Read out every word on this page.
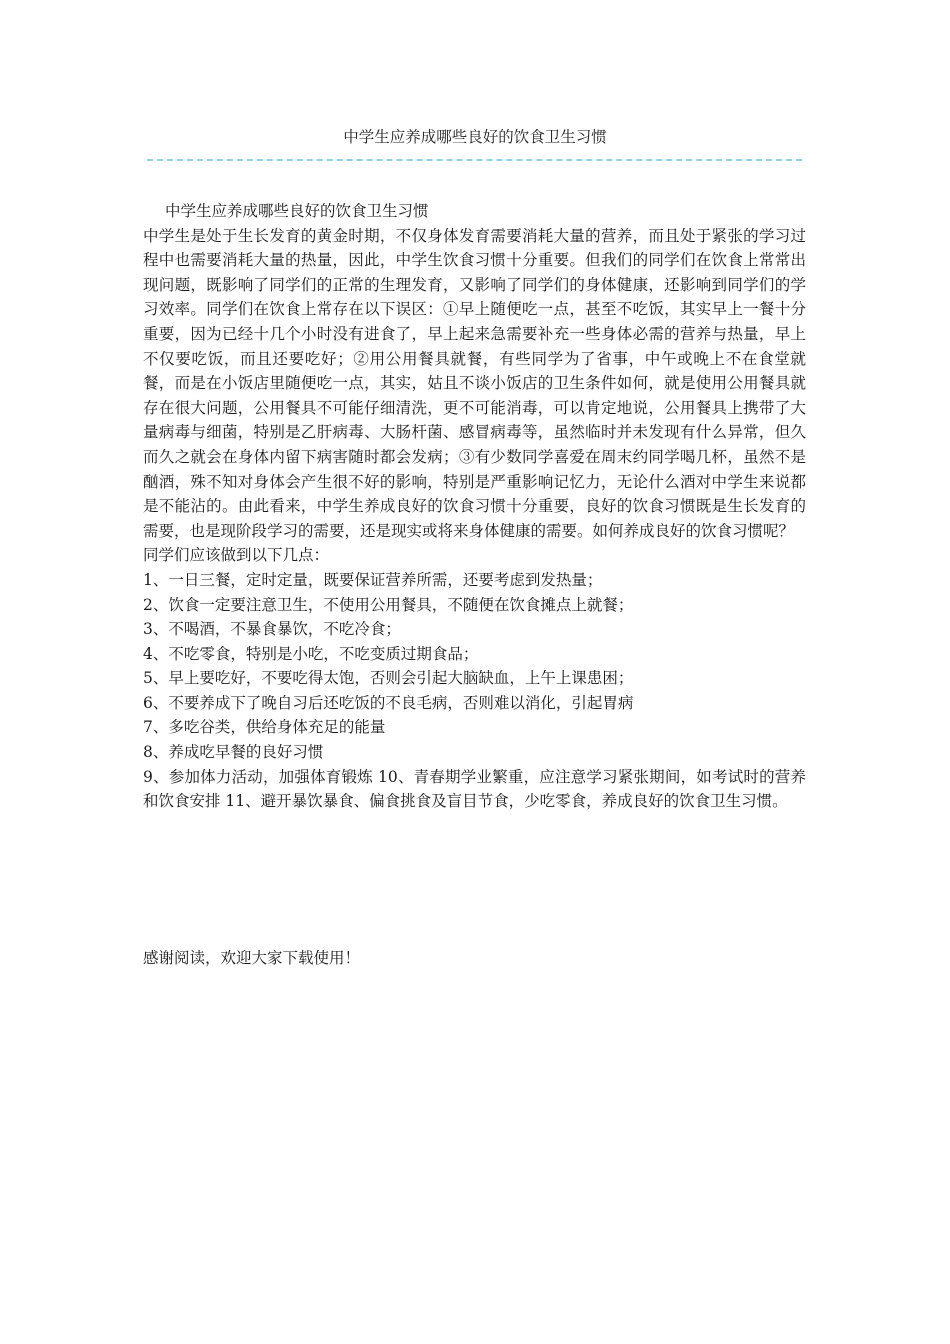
中学生应养成哪些良好的饮食卫生习惯

中学生应养成哪些良好的饮食卫生习惯

中学生是处于生长发育的黄金时期，不仅身体发育需要消耗大量的营养，而且处于紧张的学习过程中也需要消耗大量的热量，因此，中学生饮食习惯十分重要。但我们的同学们在饮食上常常出现问题，既影响了同学们的正常的生理发育，又影响了同学们的身体健康，还影响到同学们的学习效率。同学们在饮食上常存在以下误区：①早上随便吃一点，甚至不吃饭，其实早上一餐十分重要，因为已经十几个小时没有进食了，早上起来急需要补充一些身体必需的营养与热量，早上不仅要吃饭，而且还要吃好；②用公用餐具就餐，有些同学为了省事，中午或晚上不在食堂就餐，而是在小饭店里随便吃一点，其实，姑且不谈小饭店的卫生条件如何，就是使用公用餐具就存在很大问题，公用餐具不可能仔细清洗，更不可能消毒，可以肯定地说，公用餐具上携带了大量病毒与细菌，特别是乙肝病毒、大肠杆菌、感冒病毒等，虽然临时并未发现有什么异常，但久而久之就会在身体内留下病害随时都会发病；③有少数同学喜爱在周末约同学喝几杯，虽然不是酗酒，殊不知对身体会产生很不好的影响，特别是严重影响记忆力，无论什么酒对中学生来说都是不能沾的。由此看来，中学生养成良好的饮食习惯十分重要，良好的饮食习惯既是生长发育的需要，也是现阶段学习的需要，还是现实或将来身体健康的需要。如何养成良好的饮食习惯呢？

同学们应该做到以下几点：

1、一日三餐，定时定量，既要保证营养所需，还要考虑到发热量；

2、饮食一定要注意卫生，不使用公用餐具，不随便在饮食摊点上就餐；

3、不喝酒，不暴食暴饮，不吃冷食；

4、不吃零食，特别是小吃，不吃变质过期食品；

5、早上要吃好，不要吃得太饱，否则会引起大脑缺血，上午上课患困；

6、不要养成下了晚自习后还吃饭的不良毛病，否则难以消化，引起胃病

7、多吃谷类，供给身体充足的能量

8、养成吃早餐的良好习惯

9、参加体力活动，加强体育锻炼 10、青春期学业繁重，应注意学习紧张期间，如考试时的营养和饮食安排 11、避开暴饮暴食、偏食挑食及盲目节食，少吃零食，养成良好的饮食卫生习惯。

感谢阅读，欢迎大家下载使用！
